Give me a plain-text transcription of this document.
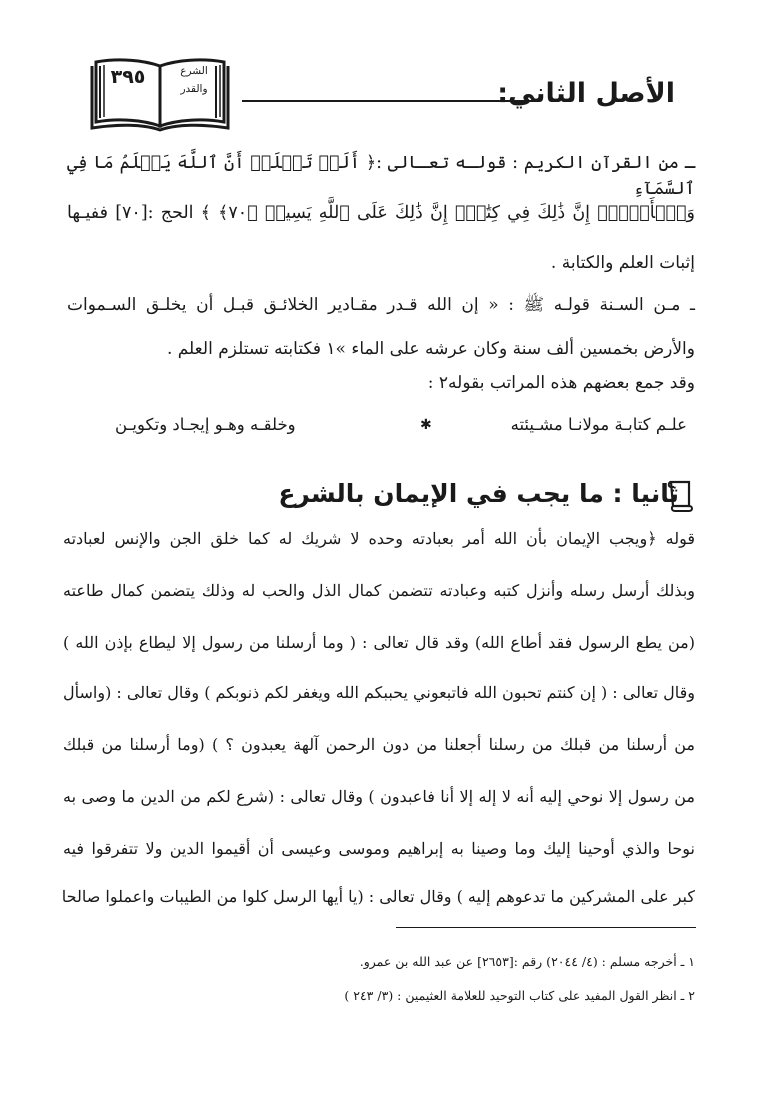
الأصل الثاني:
٣٩٥	الشرع
والقدر
ـ من القرآن الكريم : قولـه تعـالى :﴿ أَلَمۡ تَعۡلَمۡ أَنَّ ٱللَّهَ يَعۡلَمُ مَا فِي ٱلسَّمَآءِ
وَٱلۡأَرۡضِۚ إِنَّ ذَٰلِكَ فِي كِتَٰبٍۚ إِنَّ ذَٰلِكَ عَلَى ٱللَّهِ يَسِيرٞ ﴿٧٠﴾ ﴾ الحج :[٧٠] ففيـها
إثبات العلم والكتابة .
ـ مـن السـنة قولـه ﷺ : « إن الله قـدر مقـادير الخلائـق قبـل أن يخلـق السـموات
والأرض بخمسين ألف سنة وكان عرشه على الماء »١ فكتابته تستلزم العلم .
وقد جمع بعضهم هذه المراتب بقوله٢ :
علـم كتابـة مولانـا مشـيئته
✱
وخلقـه وهـو إيجـاد وتكويـن
ثانيا : ما يجب في الإيمان بالشرع
قوله ﴿ويجب الإيمان بأن الله أمر بعبادته وحده لا شريك له كما خلق الجن والإنس لعبادته
وبذلك أرسل رسله وأنزل كتبه وعبادته تتضمن كمال الذل والحب له وذلك يتضمن كمال طاعته
(من يطع الرسول فقد أطاع الله) وقد قال تعالى : ( وما أرسلنا من رسول إلا ليطاع بإذن الله )
وقال تعالى : ( إن كنتم تحبون الله فاتبعوني يحببكم الله ويغفر لكم ذنوبكم ) وقال تعالى : (واسأل
من أرسلنا من قبلك من رسلنا أجعلنا من دون الرحمن آلهة يعبدون ؟ ) (وما أرسلنا من قبلك
من رسول إلا نوحي إليه أنه لا إله إلا أنا فاعبدون ) وقال تعالى : (شرع لكم من الدين ما وصى به
نوحا والذي أوحينا إليك وما وصينا به إبراهيم وموسى وعيسى أن أقيموا الدين ولا تتفرقوا فيه
كبر على المشركين ما تدعوهم إليه ) وقال تعالى : (يا أيها الرسل كلوا من الطيبات واعملوا صالحا
١ ـ أخرجه مسلم : (٤/ ٢٠٤٤) رقم :[٢٦٥٣] عن عبد الله بن عمرو.
٢ ـ انظر القول المفيد على كتاب التوحيد للعلامة العثيمين : (٣/ ٢٤٣ )
